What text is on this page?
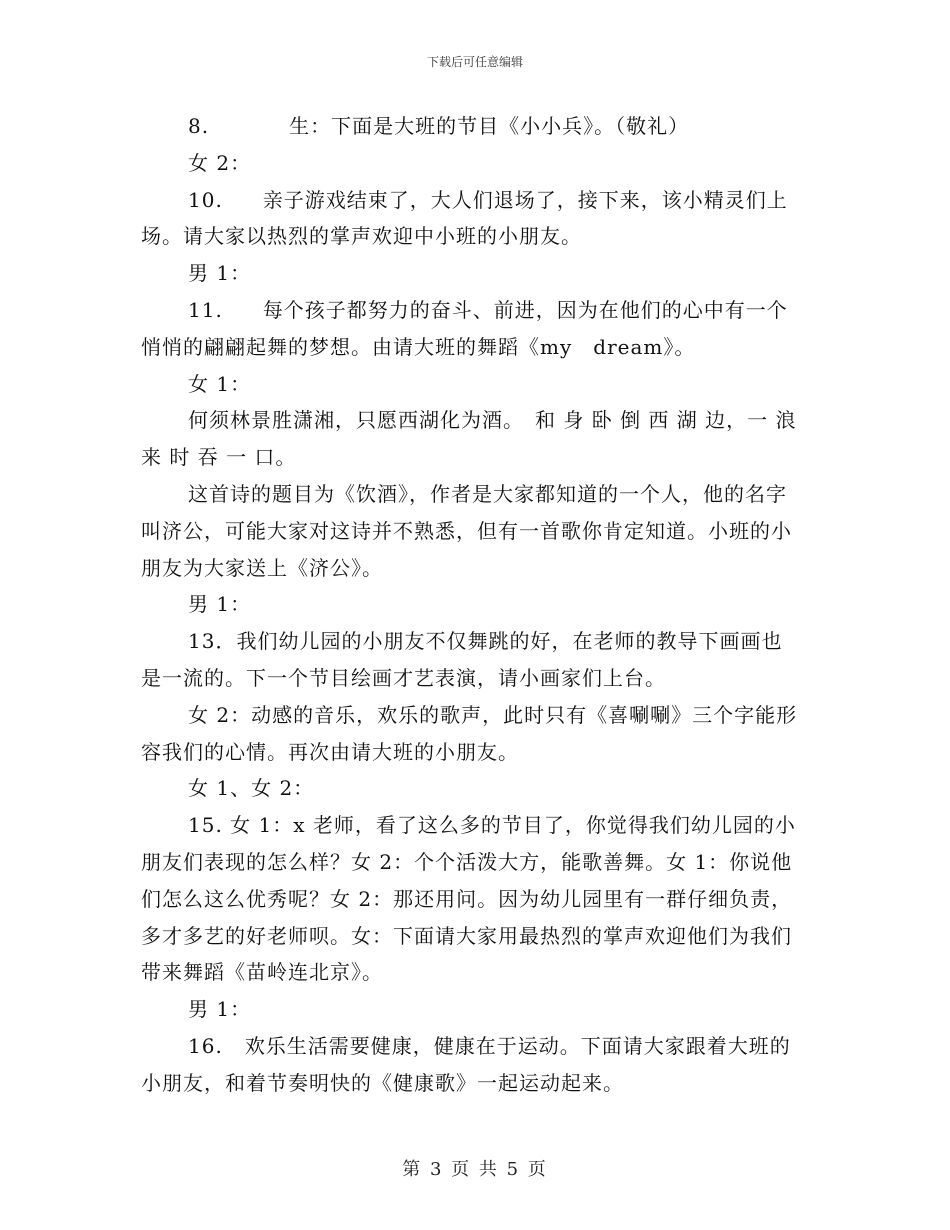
下载后可任意编辑

8.	生：下面是大班的节目《小小兵》。（敬礼）

女 2：

10. 亲子游戏结束了，大人们退场了，接下来，该小精灵们上场。请大家以热烈的掌声欢迎中小班的小朋友。

男 1：

11. 每个孩子都努力的奋斗、前进，因为在他们的心中有一个悄悄的翩翩起舞的梦想。由请大班的舞蹈《my　dream》。

女 1：

何须林景胜潇湘，只愿西湖化为酒。　和 身 卧 倒 西 湖 边，一 浪 来 时 吞 一 口。

这首诗的题目为《饮酒》，作者是大家都知道的一个人，他的名字叫济公，可能大家对这诗并不熟悉，但有一首歌你肯定知道。小班的小朋友为大家送上《济公》。

男 1：

13．我们幼儿园的小朋友不仅舞跳的好，在老师的教导下画画也是一流的。下一个节目绘画才艺表演，请小画家们上台。

女 2：动感的音乐，欢乐的歌声，此时只有《喜唰唰》三个字能形容我们的心情。再次由请大班的小朋友。

女 1、女 2：

15. 女 1：x 老师，看了这么多的节目了，你觉得我们幼儿园的小朋友们表现的怎么样？女 2：个个活泼大方，能歌善舞。女 1：你说他们怎么这么优秀呢？女 2：那还用问。因为幼儿园里有一群仔细负责，多才多艺的好老师呗。女：下面请大家用最热烈的掌声欢迎他们为我们带来舞蹈《苗岭连北京》。

男 1：

16. 欢乐生活需要健康，健康在于运动。下面请大家跟着大班的小朋友，和着节奏明快的《健康歌》一起运动起来。

第 3 页 共 5 页
